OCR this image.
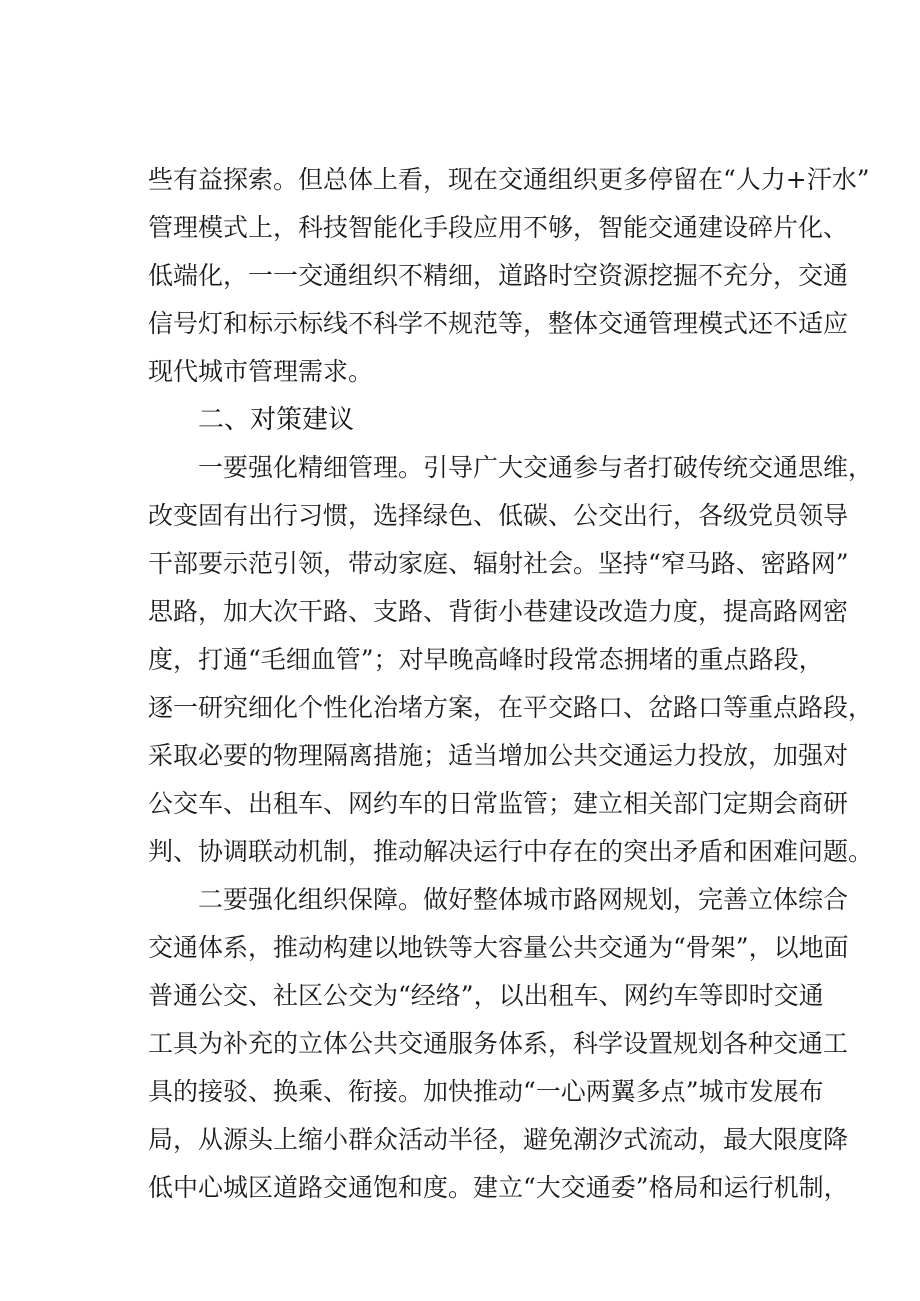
些有益探索。但总体上看，现在交通组织更多停留在“人力+汗水”
管理模式上，科技智能化手段应用不够，智能交通建设碎片化、
低端化，一一交通组织不精细，道路时空资源挖掘不充分，交通
信号灯和标示标线不科学不规范等，整体交通管理模式还不适应
现代城市管理需求。
二、对策建议
一要强化精细管理。引导广大交通参与者打破传统交通思维，
改变固有出行习惯，选择绿色、低碳、公交出行，各级党员领导
干部要示范引领，带动家庭、辐射社会。坚持“窄马路、密路网”
思路，加大次干路、支路、背街小巷建设改造力度，提高路网密
度，打通“毛细血管”；对早晚高峰时段常态拥堵的重点路段，
逐一研究细化个性化治堵方案，在平交路口、岔路口等重点路段，
采取必要的物理隔离措施；适当增加公共交通运力投放，加强对
公交车、出租车、网约车的日常监管；建立相关部门定期会商研
判、协调联动机制，推动解决运行中存在的突出矛盾和困难问题。
二要强化组织保障。做好整体城市路网规划，完善立体综合
交通体系，推动构建以地铁等大容量公共交通为“骨架”，以地面
普通公交、社区公交为“经络”，以出租车、网约车等即时交通
工具为补充的立体公共交通服务体系，科学设置规划各种交通工
具的接驳、换乘、衔接。加快推动“一心两翼多点”城市发展布
局，从源头上缩小群众活动半径，避免潮汐式流动，最大限度降
低中心城区道路交通饱和度。建立“大交通委”格局和运行机制，
